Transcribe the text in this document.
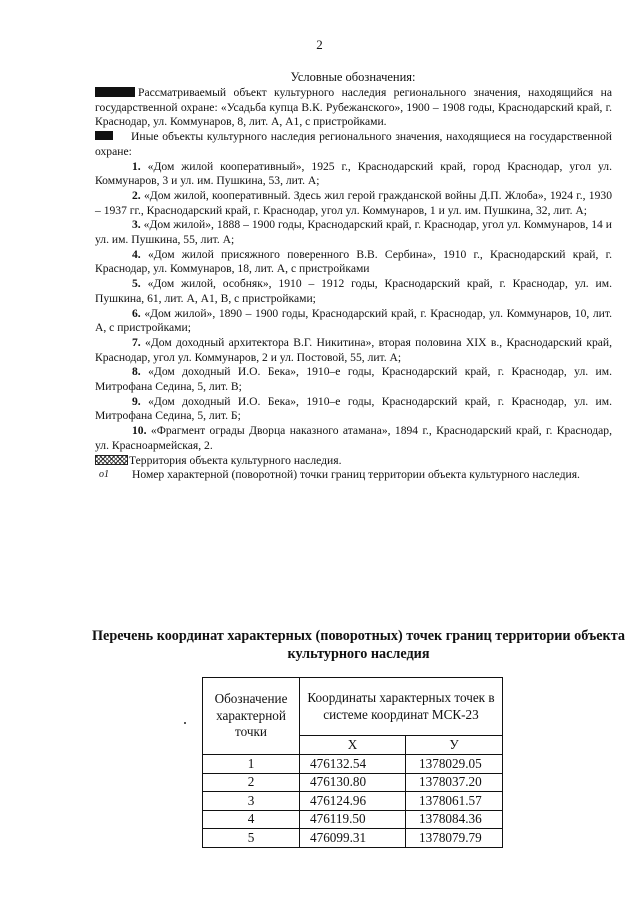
2
Условные обозначения:

Рассматриваемый объект культурного наследия регионального значения, находящийся на государственной охране: «Усадьба купца В.К. Рубежанского», 1900 – 1908 годы, Краснодарский край, г. Краснодар, ул. Коммунаров, 8, лит. А, А1, с пристройками.

Иные объекты культурного наследия регионального значения, находящиеся на государственной охране:

1. «Дом жилой кооперативный», 1925 г., Краснодарский край, город Краснодар, угол ул. Коммунаров, 3 и ул. им. Пушкина, 53, лит. А;

2. «Дом жилой, кооперативный. Здесь жил герой гражданской войны Д.П. Жлоба», 1924 г., 1930 – 1937 гг., Краснодарский край, г. Краснодар, угол ул. Коммунаров, 1 и ул. им. Пушкина, 32, лит. А;

3. «Дом жилой», 1888 – 1900 годы, Краснодарский край, г. Краснодар, угол ул. Коммунаров, 14 и ул. им. Пушкина, 55, лит. А;

4. «Дом жилой присяжного поверенного В.В. Сербина», 1910 г., Краснодарский край, г. Краснодар, ул. Коммунаров, 18, лит. А, с пристройками

5. «Дом жилой, особняк», 1910 – 1912 годы, Краснодарский край, г. Краснодар, ул. им. Пушкина, 61, лит. А, А1, В, с пристройками;

6. «Дом жилой», 1890 – 1900 годы, Краснодарский край, г. Краснодар, ул. Коммунаров, 10, лит. А, с пристройками;

7. «Дом доходный архитектора В.Г. Никитина», вторая половина XIX в., Краснодарский край, Краснодар, угол ул. Коммунаров, 2 и ул. Постовой, 55, лит. А;

8. «Дом доходный И.О. Бека», 1910–е годы, Краснодарский край, г. Краснодар, ул. им. Митрофана Седина, 5, лит. В;

9. «Дом доходный И.О. Бека», 1910–е годы, Краснодарский край, г. Краснодар, ул. им. Митрофана Седина, 5, лит. Б;

10. «Фрагмент ограды Дворца наказного атамана», 1894 г., Краснодарский край, г. Краснодар, ул. Красноармейская, 2.

Территория объекта культурного наследия.

о1	Номер характерной (поворотной) точки границ территории объекта культурного наследия.
Перечень координат характерных (поворотных) точек границ территории объекта культурного наследия
Обозначение характерной точки	Координаты характерных точек в системе координат МСК-23	
	Х	У
1	476132.54	1378029.05
2	476130.80	1378037.20
3	476124.96	1378061.57
4	476119.50	1378084.36
5	476099.31	1378079.79
